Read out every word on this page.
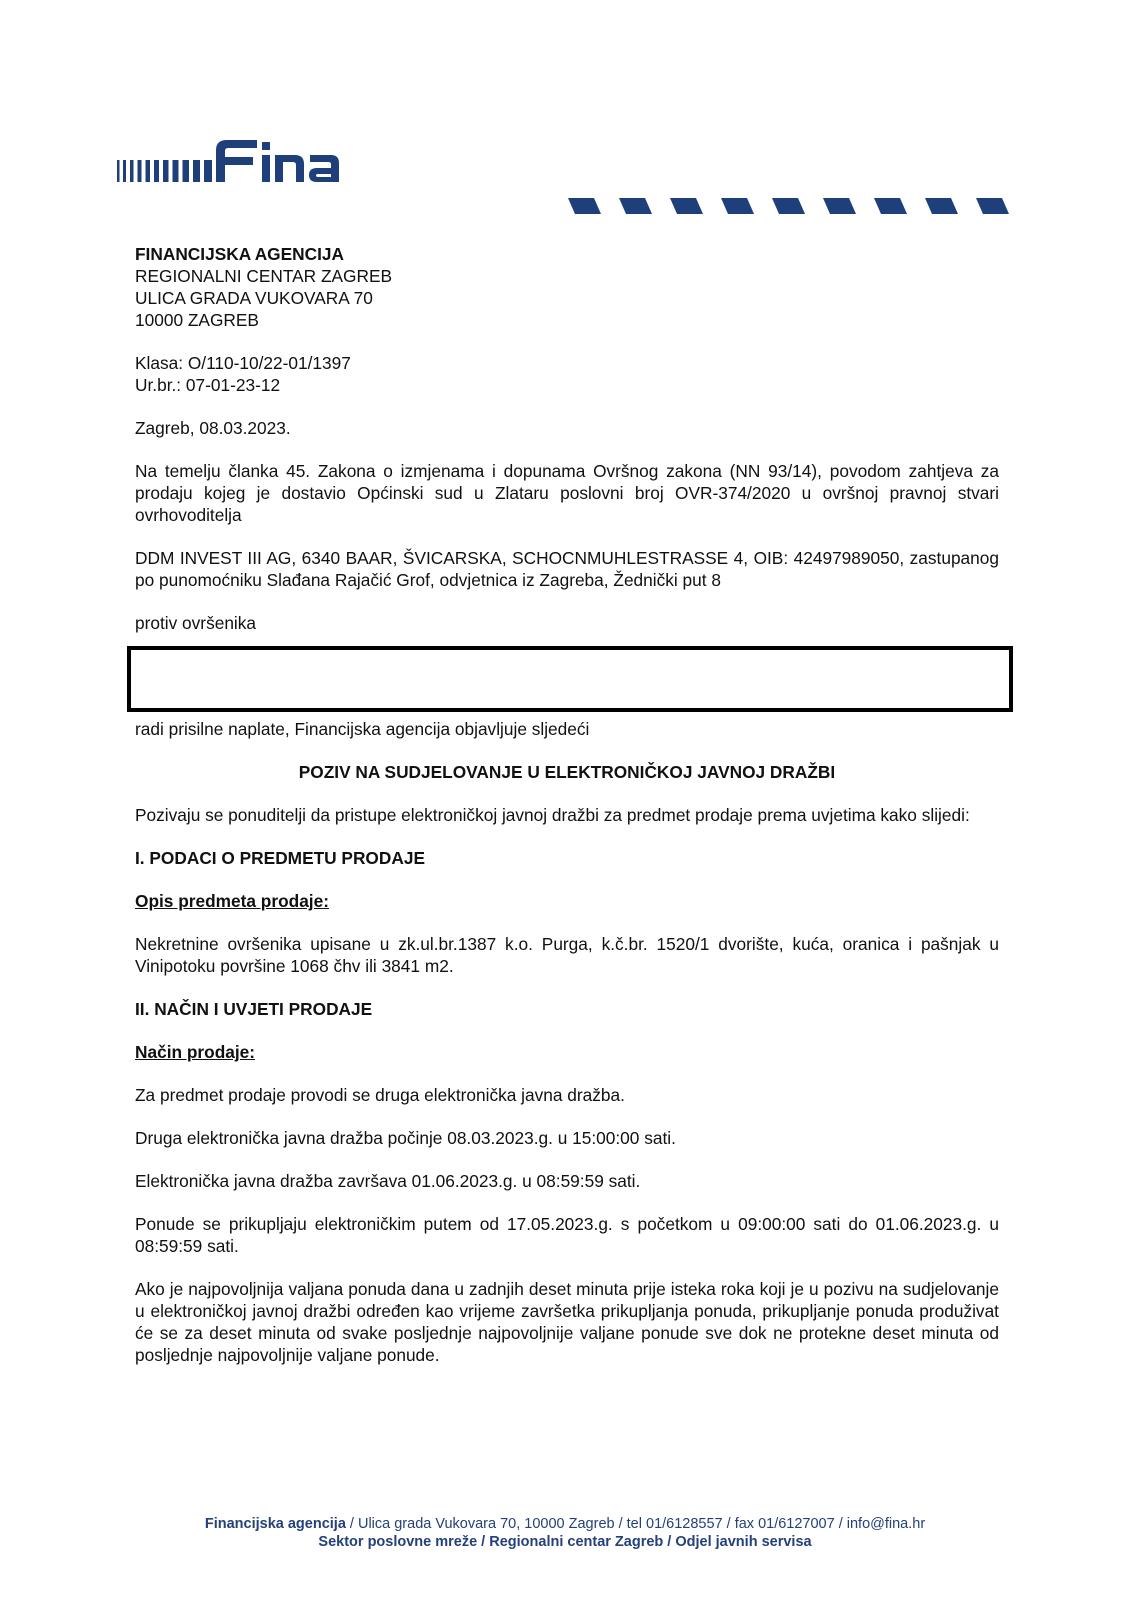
FINANCIJSKA AGENCIJA

REGIONALNI CENTAR ZAGREB

ULICA GRADA VUKOVARA 70

10000 ZAGREB

Klasa: O/110-10/22-01/1397

Ur.br.: 07-01-23-12

Zagreb, 08.03.2023.

Na temelju članka 45. Zakona o izmjenama i dopunama Ovršnog zakona (NN 93/14), povodom zahtjeva za prodaju kojeg je dostavio Općinski sud u Zlataru poslovni broj OVR-374/2020 u ovršnoj pravnoj stvari ovrhovoditelja

DDM INVEST III AG, 6340 BAAR, ŠVICARSKA, SCHOCNMUHLESTRASSE 4, OIB: 42497989050, zastupanog po punomoćniku Slađana Rajačić Grof, odvjetnica iz Zagreba, Žednički put 8

protiv ovršenika

radi prisilne naplate, Financijska agencija objavljuje sljedeći

POZIV NA SUDJELOVANJE U ELEKTRONIČKOJ JAVNOJ DRAŽBI

Pozivaju se ponuditelji da pristupe elektroničkoj javnoj dražbi za predmet prodaje prema uvjetima kako slijedi:

I. PODACI O PREDMETU PRODAJE

Opis predmeta prodaje:

Nekretnine ovršenika upisane u zk.ul.br.1387 k.o. Purga, k.č.br. 1520/1 dvorište, kuća, oranica i pašnjak u Vinipotoku površine 1068 čhv ili 3841 m2.

II. NAČIN I UVJETI PRODAJE

Način prodaje:

Za predmet prodaje provodi se druga elektronička javna dražba.

Druga elektronička javna dražba počinje 08.03.2023.g. u 15:00:00 sati.

Elektronička javna dražba završava 01.06.2023.g. u 08:59:59 sati.

Ponude se prikupljaju elektroničkim putem od 17.05.2023.g. s početkom u 09:00:00 sati do 01.06.2023.g. u 08:59:59 sati.

Ako je najpovoljnija valjana ponuda dana u zadnjih deset minuta prije isteka roka koji je u pozivu na sudjelovanje u elektroničkoj javnoj dražbi određen kao vrijeme završetka prikupljanja ponuda, prikupljanje ponuda produživat će se za deset minuta od svake posljednje najpovoljnije valjane ponude sve dok ne protekne deset minuta od posljednje najpovoljnije valjane ponude.

Financijska agencija / Ulica grada Vukovara 70, 10000 Zagreb / tel 01/6128557 / fax 01/6127007 / info@fina.hr
Sektor poslovne mreže / Regionalni centar Zagreb / Odjel javnih servisa
